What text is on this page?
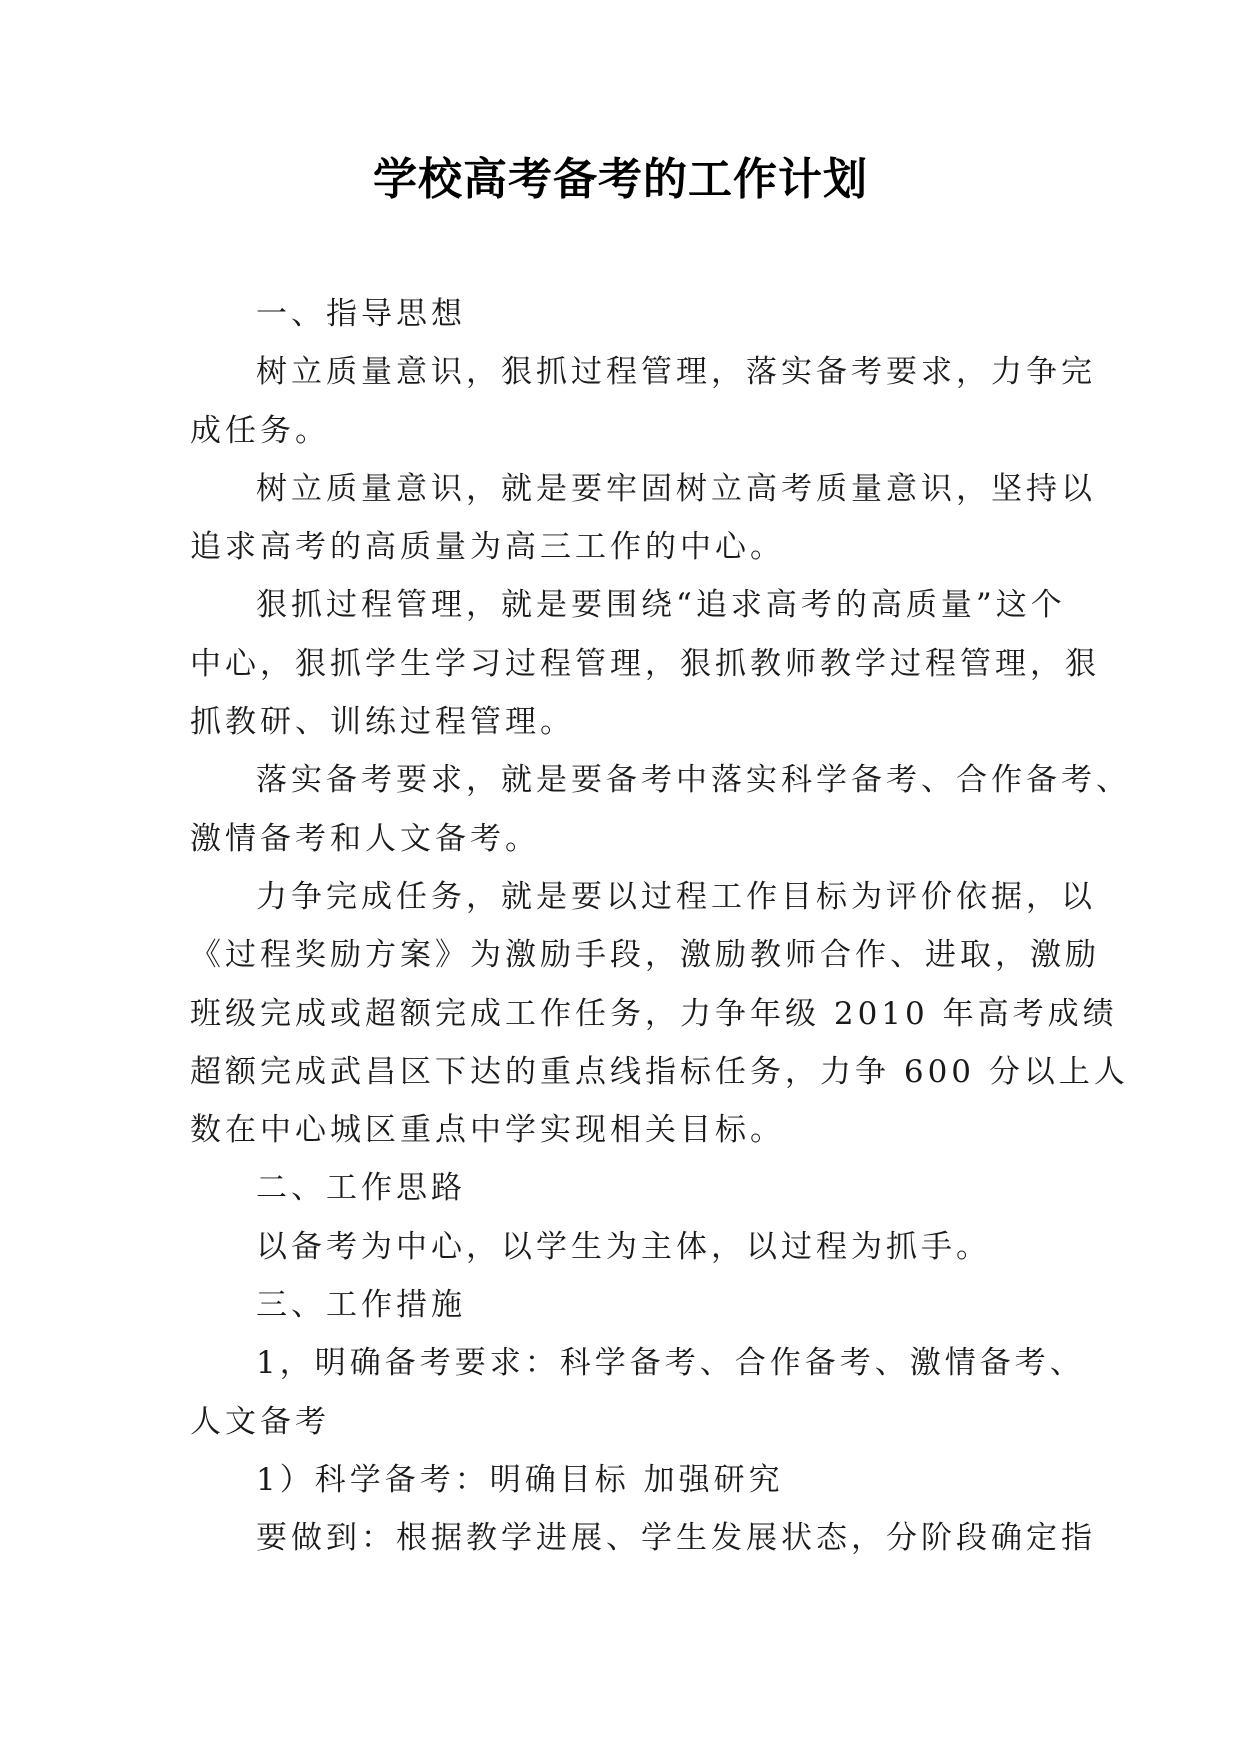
学校高考备考的工作计划
一、指导思想
树立质量意识，狠抓过程管理，落实备考要求，力争完
成任务。
树立质量意识，就是要牢固树立高考质量意识，坚持以
追求高考的高质量为高三工作的中心。
狠抓过程管理，就是要围绕“追求高考的高质量”这个
中心，狠抓学生学习过程管理，狠抓教师教学过程管理，狠
抓教研、训练过程管理。
落实备考要求，就是要备考中落实科学备考、合作备考、
激情备考和人文备考。
力争完成任务，就是要以过程工作目标为评价依据，以
《过程奖励方案》为激励手段，激励教师合作、进取，激励
班级完成或超额完成工作任务，力争年级 2010 年高考成绩
超额完成武昌区下达的重点线指标任务，力争 600 分以上人
数在中心城区重点中学实现相关目标。
二、工作思路
以备考为中心，以学生为主体，以过程为抓手。
三、工作措施
1，明确备考要求：科学备考、合作备考、激情备考、
人文备考
1）科学备考：明确目标 加强研究
要做到：根据教学进展、学生发展状态，分阶段确定指
